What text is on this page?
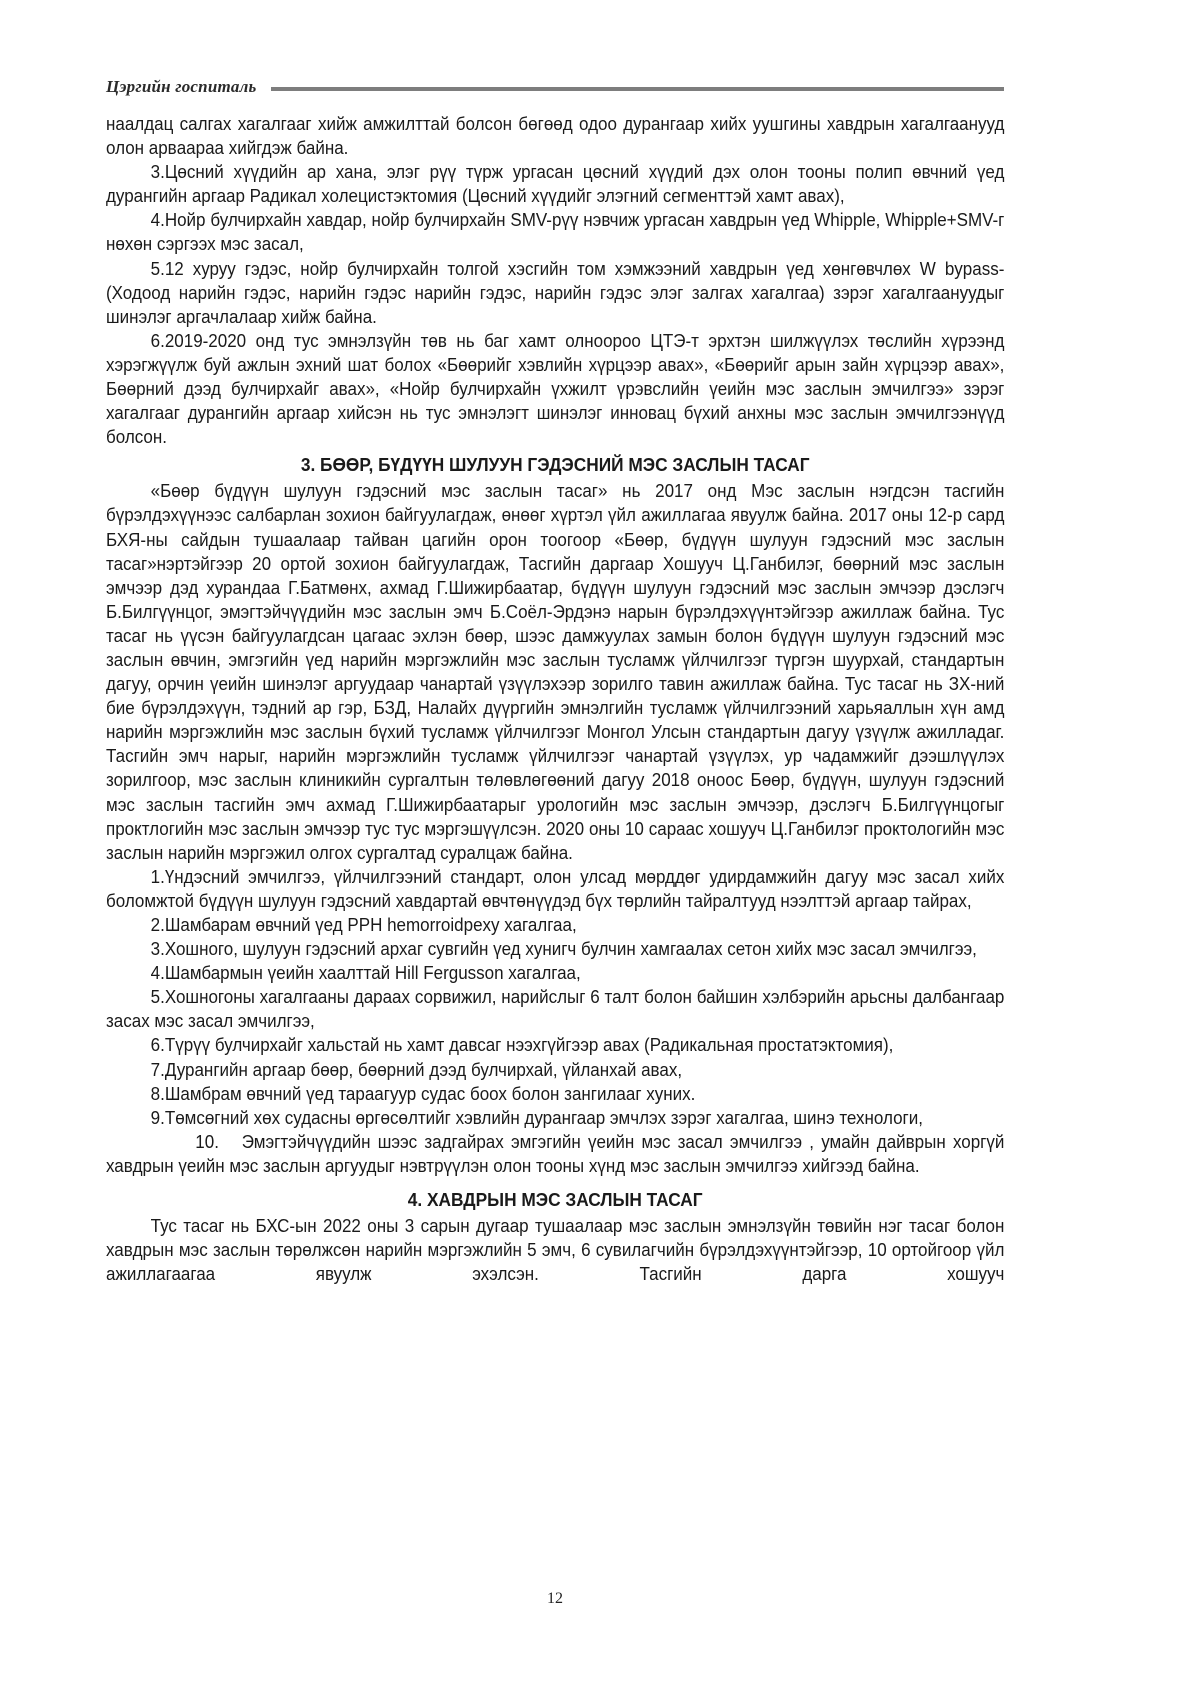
Цэргийн госпиталь

наалдац салгах хагалгааг хийж амжилттай болсон бөгөөд одоо дурангаар хийх уушгины хавдрын хагалгаанууд олон арвaараа хийгдэж байна.

3.Цөсний хүүдийн ар хана, элэг рүү түрж ургасан цөсний хүүдий дэх олон тооны полип өвчний үед дурангийн аргаар Радикал холецистэктомия (Цөсний хүүдийг элэгний сегменттэй хамт авах),

4.Нойр булчирхайн хавдар, нойр булчирхайн SMV-рүү нэвчиж ургасан хавдрын үед Whipple, Whipple+SMV-г нөхөн сэргээх мэс засал,

5.12 хуруу гэдэс, нойр булчирхайн толгой хэсгийн том хэмжээний хавдрын үед хөнгөвчлөх W bypass- (Ходоод нарийн гэдэс, нарийн гэдэс нарийн гэдэс, нарийн гэдэс элэг залгах хагалгаа) зэрэг хагалгаануудыг шинэлэг аргачлалаар хийж байна.

6.2019-2020 онд тус эмнэлзүйн төв нь баг хамт олноороо ЦТЭ-т эрхтэн шилжүүлэх төслийн хүрээнд хэрэгжүүлж буй ажлын эхний шат болох «Бөөрийг хэвлийн хүрцээр авах», «Бөөрийг арын зайн хүрцээр авах», Бөөрний дээд булчирхайг авах», «Нойр булчирхайн үхжилт үрэвслийн үеийн мэс заслын эмчилгээ» зэрэг хагалгааг дурангийн аргаар хийсэн нь тус эмнэлэгт шинэлэг инновац бүхий анхны мэс заслын эмчилгээнүүд болсон.

3. БӨӨР, БҮДҮҮН ШУЛУУН ГЭДЭСНИЙ МЭС ЗАСЛЫН ТАСАГ

«Бөөр бүдүүн шулуун гэдэсний мэс заслын тасаг» нь 2017 онд Мэс заслын нэгдсэн тасгийн бүрэлдэхүүнээс салбарлан зохион байгуулагдаж, өнөөг хүртэл үйл ажиллагаа явуулж байна. 2017 оны 12-р сард БХЯ-ны сайдын тушаалаар тайван цагийн орон тоогоор «Бөөр, бүдүүн шулуун гэдэсний мэс заслын тасаг»нэртэйгээр 20 ортой зохион байгуулагдаж, Тасгийн даргаар Хошууч Ц.Ганбилэг, бөөрний мэс заслын эмчээр дэд хурандаа Г.Батмөнх, ахмад Г.Шижирбаатар, бүдүүн шулуун гэдэсний мэс заслын эмчээр дэслэгч Б.Билгүүнцог, эмэгтэйчүүдийн мэс заслын эмч Б.Соёл-Эрдэнэ нарын бүрэлдэхүүнтэйгээр ажиллаж байна. Тус тасаг нь үүсэн байгуулагдсан цагаас эхлэн бөөр, шээс дамжуулах замын болон бүдүүн шулуун гэдэсний мэс заслын өвчин, эмгэгийн үед нарийн мэргэжлийн мэс заслын тусламж үйлчилгээг түргэн шуурхай, стандартын дагуу, орчин үеийн шинэлэг аргуудаар чанартай үзүүлэхээр зорилго тавин ажиллаж байна. Тус тасаг нь ЗХ-ний бие бүрэлдэхүүн, тэдний ар гэр, БЗД, Налайх дүүргийн эмнэлгийн тусламж үйлчилгээний харьяаллын хүн амд нарийн мэргэжлийн мэс заслын бүхий тусламж үйлчилгээг Монгол Улсын стандартын дагуу үзүүлж ажилладаг. Тасгийн эмч нарыг, нарийн мэргэжлийн тусламж үйлчилгээг чанартай үзүүлэх, ур чадамжийг дээшлүүлэх зорилгоор, мэс заслын клиникийн сургалтын төлөвлөгөөний дагуу 2018 оноос Бөөр, бүдүүн, шулуун гэдэсний мэс заслын тасгийн эмч ахмад Г.Шижирбаатарыг урологийн мэс заслын эмчээр, дэслэгч Б.Билгүүнцогыг проктлогийн мэс заслын эмчээр тус тус мэргэшүүлсэн. 2020 оны 10 сараас хошууч Ц.Ганбилэг проктологийн мэс заслын нарийн мэргэжил олгох сургалтад суралцаж байна.

1.Үндэсний эмчилгээ, үйлчилгээний стандарт, олон улсад мөрддөг удирдамжийн дагуу мэс засал хийх боломжтой бүдүүн шулуун гэдэсний хавдартай өвчтөнүүдэд бүх төрлийн тайралтууд нээлттэй аргаар тайрах,

2.Шамбарам өвчний үед PPH hemorroidpexy хагалгаа,

3.Хошного, шулуун гэдэсний архаг сувгийн үед хунигч булчин хамгаалах сетон хийх мэс засал эмчилгээ,

4.Шамбармын үеийн хаалттай Hill Fergusson хагалгаа,

5.Хошногоны хагалгааны дараах сорвижил, нарийслыг 6 талт болон байшин хэлбэрийн арьсны далбангаар засах мэс засал эмчилгээ,

6.Түрүү булчирхайг хальстай нь хамт давсаг нээхгүйгээр авах (Радикальная простатэктомия),

7.Дурангийн аргаар бөөр, бөөрний дээд булчирхай, үйланхай авах,

8.Шамбрам өвчний үед тараагуур судас боох болон зангилааг хуних.

9.Төмсөгний хөх судасны өргөсөлтийг хэвлийн дурангаар эмчлэх зэрэг хагалгаа, шинэ технологи,

10. Эмэгтэйчүүдийн шээс задгайрах эмгэгийн үеийн мэс засал эмчилгээ , умайн дайврын хоргүй хавдрын үеийн мэс заслын аргуудыг нэвтрүүлэн олон тооны хүнд мэс заслын эмчилгээ хийгээд байна.

4. ХАВДРЫН МЭС ЗАСЛЫН ТАСАГ

Тус тасаг нь БХС-ын 2022 оны 3 сарын дугаар тушаалаар мэс заслын эмнэлзүйн төвийн нэг тасаг болон хавдрын мэс заслын төрөлжсөн нарийн мэргэжлийн 5 эмч, 6 сувилагчийн бүрэлдэхүүнтэйгээр, 10 ортойгоор үйл ажиллагаагаа явуулж эхэлсэн. Тасгийн дарга хошууч

12
